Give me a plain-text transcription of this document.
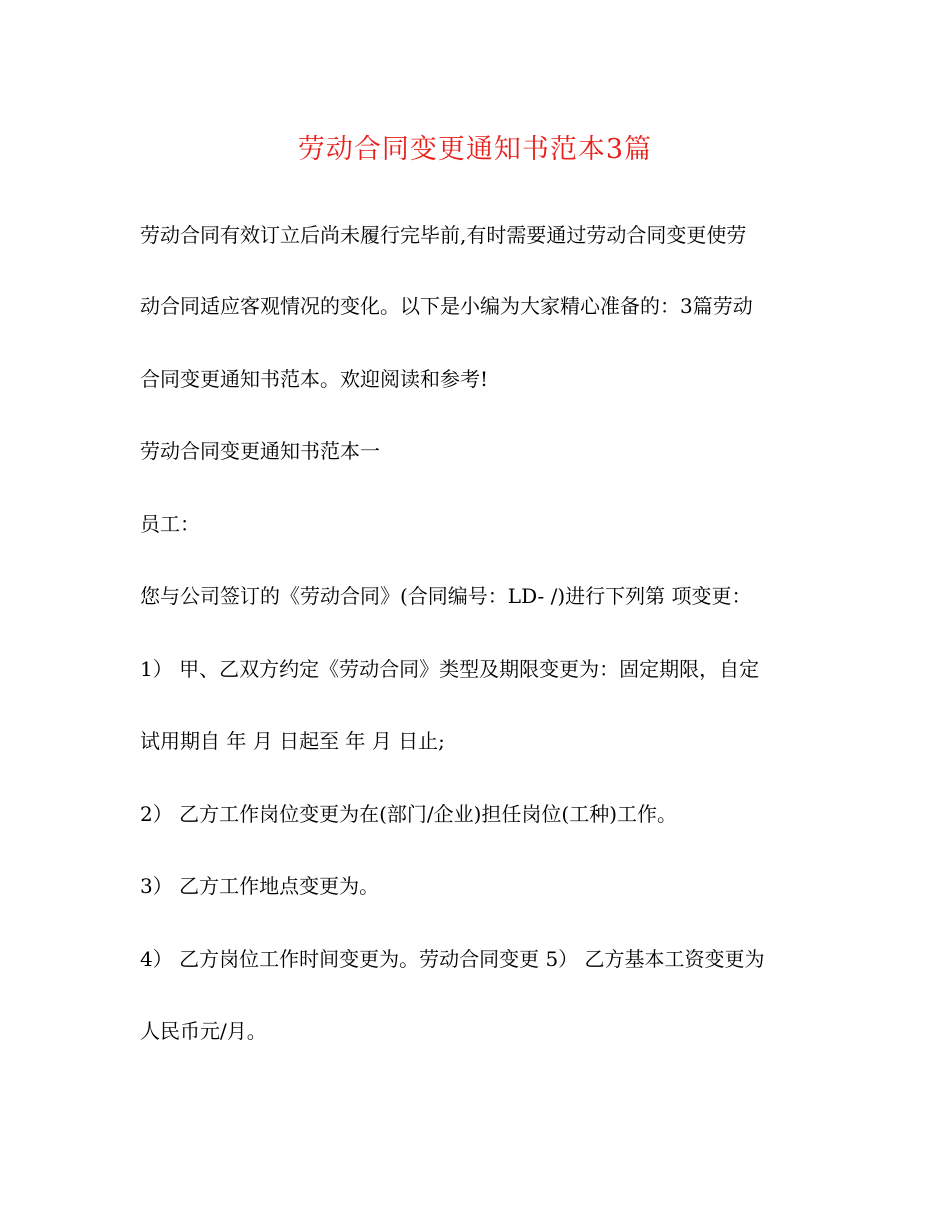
劳动合同变更通知书范本3篇
劳动合同有效订立后尚未履行完毕前,有时需要通过劳动合同变更使劳
动合同适应客观情况的变化。以下是小编为大家精心准备的：3篇劳动
合同变更通知书范本。欢迎阅读和参考!
劳动合同变更通知书范本一
员工：
您与公司签订的《劳动合同》(合同编号：LD- /)进行下列第 项变更：
1） 甲、乙双方约定《劳动合同》类型及期限变更为：固定期限，自定
试用期自 年 月 日起至 年 月 日止;
2） 乙方工作岗位变更为在(部门/企业)担任岗位(工种)工作。
3） 乙方工作地点变更为。
4） 乙方岗位工作时间变更为。劳动合同变更 5） 乙方基本工资变更为
人民币元/月。
